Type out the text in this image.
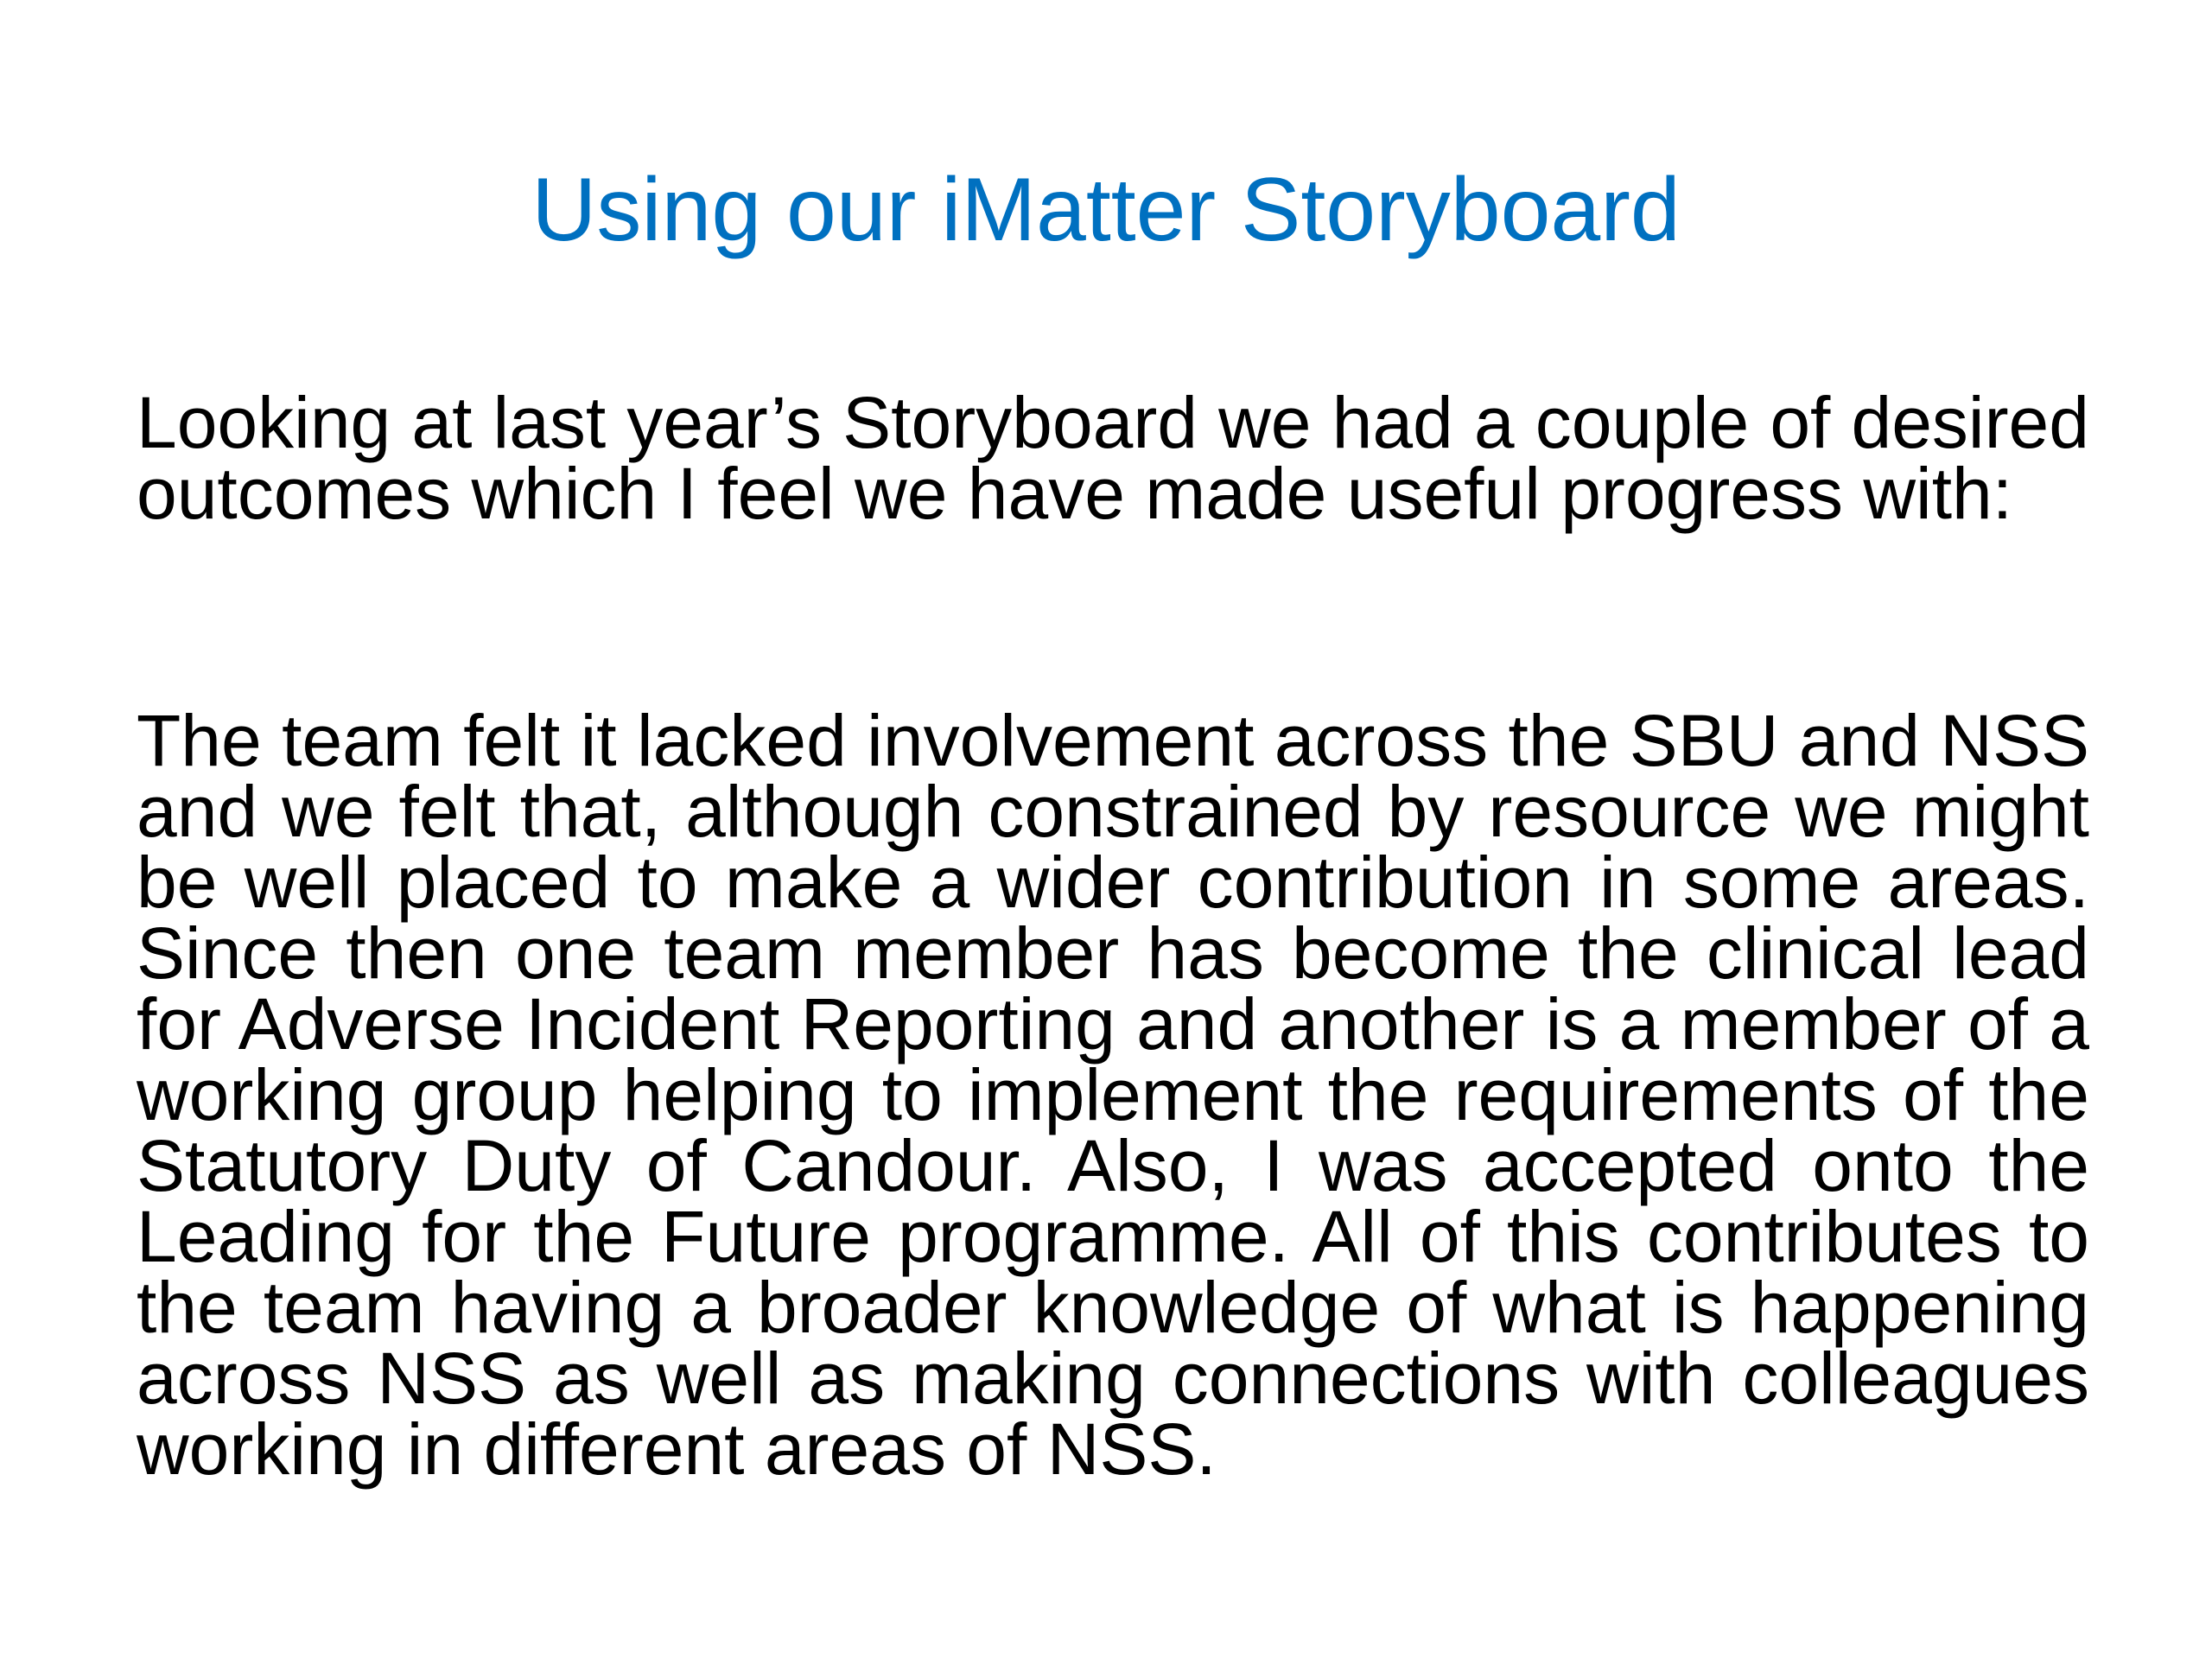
Using our iMatter Storyboard

Looking at last year’s Storyboard we had a couple of desired outcomes which I feel we have made useful progress with:

The team felt it lacked involvement across the SBU and NSS and we felt that, although constrained by resource we might be well placed to make a wider contribution in some areas. Since then one team member has become the clinical lead for Adverse Incident Reporting and another is a member of a working group helping to implement the requirements of the Statutory Duty of Candour. Also, I was accepted onto the Leading for the Future programme. All of this contributes to the team having a broader knowledge of what is happening across NSS as well as making connections with colleagues working in different areas of NSS.
